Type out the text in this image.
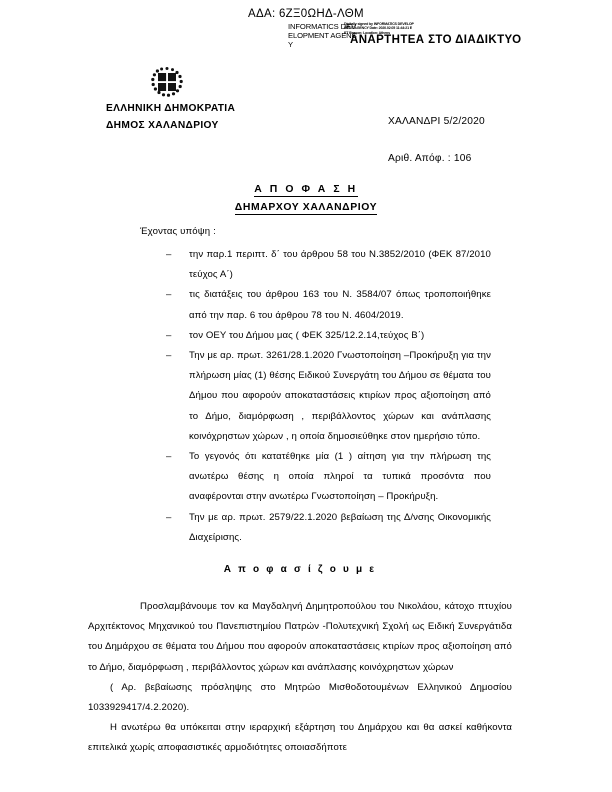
ΑΔΑ: 6ΖΞ0ΩΗΔ-ΛΘΜ
INFORMATICS DEVELOPMENT AGENCY
Digitally signed by INFORMATICS DEVELOPMENT AGENCY Date: 2020.02.05 11:44:21 EET Reason: Location: Athens
ΑΝΑΡΤΗΤΕΑ ΣΤΟ ΔΙΑΔΙΚΤΥΟ
ΕΛΛΗΝΙΚΗ ΔΗΜΟΚΡΑΤΙΑ
ΔΗΜΟΣ ΧΑΛΑΝΔΡΙΟΥ	ΧΑΛΑΝΔΡΙ 5/2/2020
Αριθ. Απόφ. : 106
Α Π Ο Φ Α Σ Η
ΔΗΜΑΡΧΟΥ ΧΑΛΑΝΔΡΙΟΥ

Έχοντας υπόψη :

– την παρ.1 περιπτ. δ΄ του άρθρου 58 του Ν.3852/2010 (ΦΕΚ 87/2010 τεύχος Α΄)
– τις διατάξεις του άρθρου 163 του Ν. 3584/07 όπως τροποποιήθηκε από την παρ. 6 του άρθρου 78 του Ν. 4604/2019.
– τον ΟΕΥ του Δήμου μας ( ΦΕΚ 325/12.2.14,τεύχος Β΄)
– Την με αρ. πρωτ. 3261/28.1.2020 Γνωστοποίηση –Προκήρυξη για την πλήρωση μίας (1) θέσης Ειδικού Συνεργάτη του Δήμου σε θέματα του Δήμου που αφορούν αποκαταστάσεις κτιρίων προς αξιοποίηση από το Δήμο, διαμόρφωση , περιβάλλοντος χώρων και ανάπλασης κοινόχρηστων χώρων , η οποία δημοσιεύθηκε στον ημερήσιο τύπο.
– Το γεγονός ότι κατατέθηκε μία (1 ) αίτηση για την πλήρωση της ανωτέρω θέσης η οποία πληροί τα τυπικά προσόντα που αναφέρονται στην ανωτέρω Γνωστοποίηση – Προκήρυξη.
– Την με αρ. πρωτ. 2579/22.1.2020 βεβαίωση της Δ/νσης Οικονομικής Διαχείρισης.
Α π ο φ α σ ί ζ ο υ μ ε

Προσλαμβάνουμε τον κα Μαγδαληνή Δημητροπούλου του Νικολάου, κάτοχο πτυχίου Αρχιτέκτονος Μηχανικού του Πανεπιστημίου Πατρών -Πολυτεχνική Σχολή ως Ειδική Συνεργάτιδα του Δημάρχου σε θέματα του Δήμου που αφορούν αποκαταστάσεις κτιρίων προς αξιοποίηση από το Δήμο, διαμόρφωση , περιβάλλοντος χώρων και ανάπλασης κοινόχρηστων χώρων

( Αρ. βεβαίωσης πρόσληψης στο Μητρώο Μισθοδοτουμένων Ελληνικού Δημοσίου 1033929417/4.2.2020).

Η ανωτέρω θα υπόκειται στην ιεραρχική εξάρτηση του Δημάρχου και θα ασκεί καθήκοντα επιτελικά χωρίς αποφασιστικές αρμοδιότητες οποιασδήποτε
